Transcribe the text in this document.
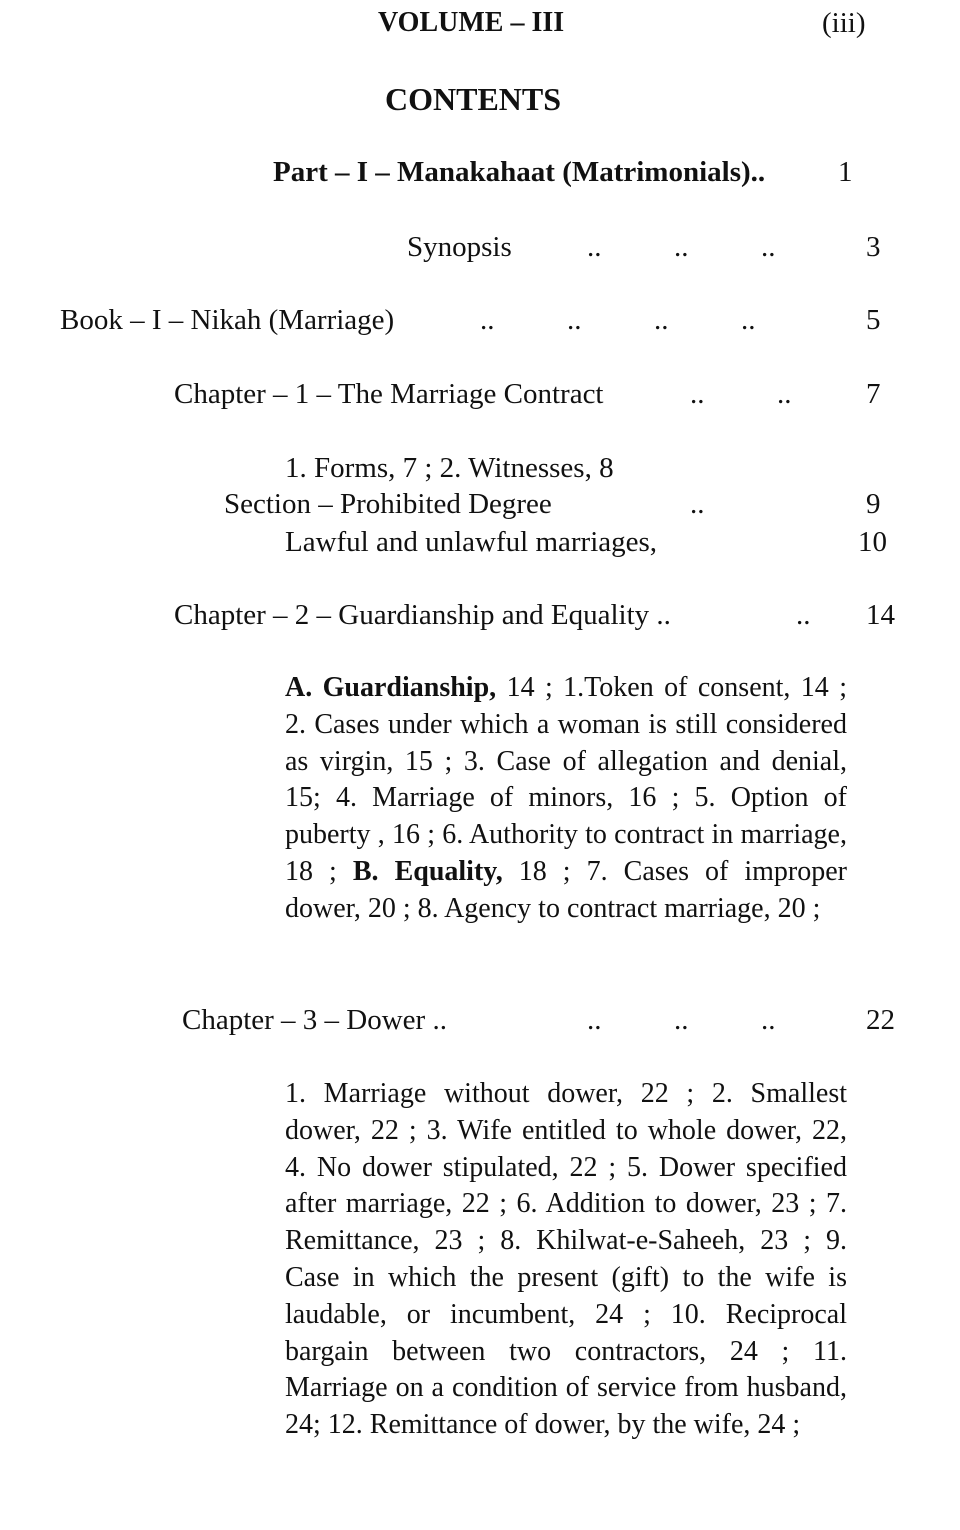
VOLUME – III	(iii)
CONTENTS
Part – I – Manakahaat (Matrimonials)..	1
Synopsis	..          ..          ..	3
Book – I – Nikah (Marriage)	..          ..          ..          ..	5
Chapter – 1 – The Marriage Contract	..          ..	7
1. Forms, 7 ; 2. Witnesses, 8
Section – Prohibited Degree	..	9
Lawful and unlawful marriages,	10
Chapter – 2 – Guardianship and Equality ..	.. 14
A. Guardianship, 14 ; 1.Token of consent, 14 ; 2. Cases under which a woman is still considered as virgin, 15 ; 3. Case of allegation and denial, 15; 4. Marriage of minors, 16 ; 5. Option of puberty , 16 ; 6. Authority to contract in marriage, 18 ; B. Equality, 18 ; 7. Cases of improper dower, 20 ; 8. Agency to contract marriage, 20 ;
Chapter – 3 – Dower ..	..          ..          ..	22
1. Marriage without dower, 22 ; 2. Smallest dower, 22 ; 3. Wife entitled to whole dower, 22, 4. No dower stipulated, 22 ; 5. Dower specified after marriage, 22 ; 6. Addition to dower, 23 ; 7. Remittance, 23 ; 8. Khilwat-e-Saheeh, 23 ; 9. Case in which the present (gift) to the wife is laudable, or incumbent, 24 ; 10. Reciprocal bargain between two contractors, 24 ; 11. Marriage on a condition of service from husband, 24; 12. Remittance of dower, by the wife, 24 ;
